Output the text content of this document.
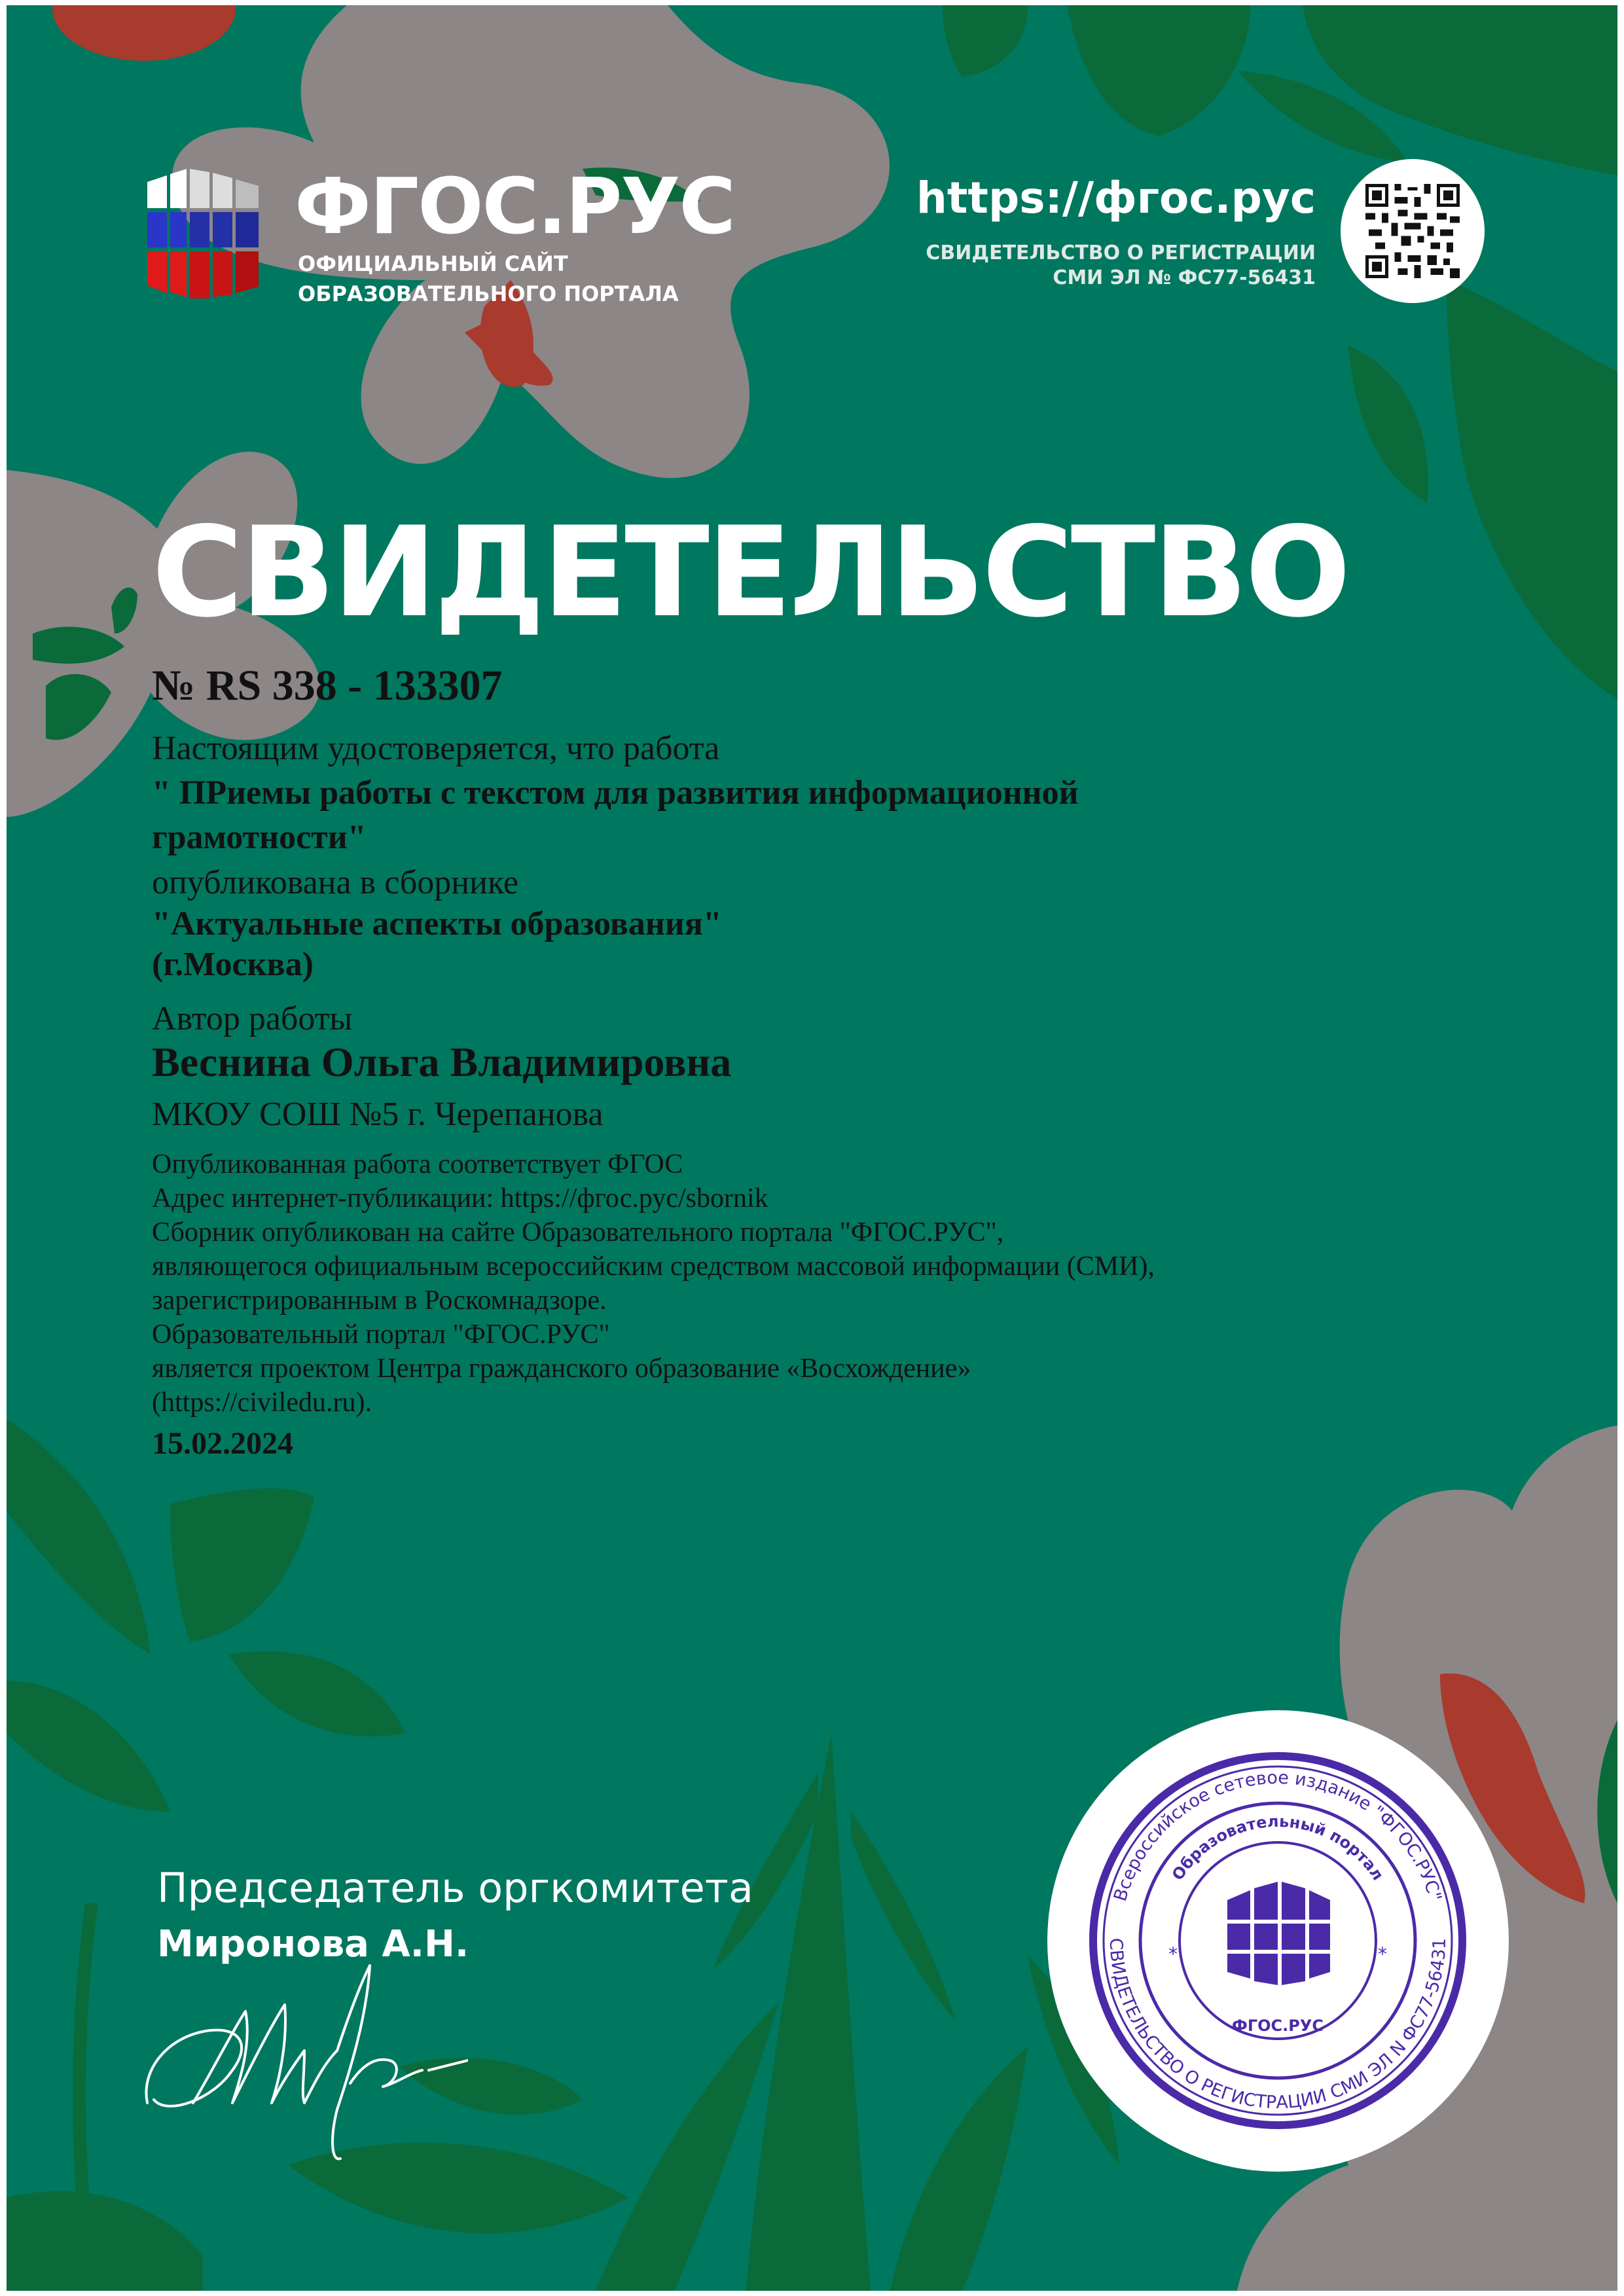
ФГОС.РУС
ОФИЦИАЛЬНЫЙ САЙТ
ОБРАЗОВАТЕЛЬНОГО ПОРТАЛА
https://фгос.рус
СВИДЕТЕЛЬСТВО О РЕГИСТРАЦИИ
СМИ ЭЛ № ФС77-56431
СВИДЕТЕЛЬСТВО
№ RS 338 - 133307
Настоящим удостоверяется, что работа
" ПРиемы работы с текстом для развития информационной грамотности"
опубликована в сборнике
"Актуальные аспекты образования"
(г.Москва)
Автор работы
Веснина Ольга Владимировна
МКОУ СОШ №5 г. Черепанова
Опубликованная работа соответствует ФГОС
Адрес интернет-публикации: https://фгос.рус/sbornik
Сборник опубликован на сайте Образовательного портала "ФГОС.РУС",
являющегося официальным всероссийским средством массовой информации (СМИ),
зарегистрированным в Роскомнадзоре.
Образовательный портал "ФГОС.РУС"
является проектом Центра гражданского образование «Восхождение»
(https://civiledu.ru).
15.02.2024
Председатель оргкомитета
Миронова А.Н.
Всероссийское сетевое издание "ФГОС.РУС"
СВИДЕТЕЛЬСТВО О РЕГИСТРАЦИИ СМИ ЭЛ N ФС77-56431
Образовательный портал
*	*
ФГОС.РУС
